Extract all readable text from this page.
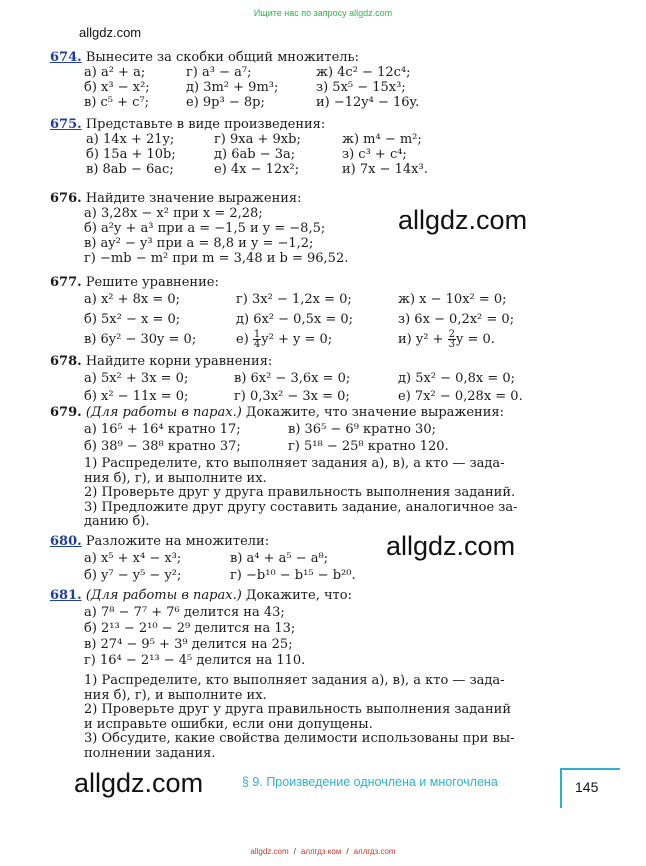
Ищите нас по запросу allgdz.com
allgdz.com
674. Вынесите за скобки общий множитель:
а) a² + a;	г) a³ − a⁷;	ж) 4c² − 12c⁴;
б) x³ − x²;	д) 3m² + 9m³;	з) 5x⁵ − 15x³;
в) c⁵ + c⁷;	е) 9p³ − 8p;	и) −12y⁴ − 16y.
675. Представьте в виде произведения:
а) 14x + 21y;	г) 9xa + 9xb;	ж) m⁴ − m²;
б) 15a + 10b;	д) 6ab − 3a;	з) c³ + c⁴;
в) 8ab − 6ac;	е) 4x − 12x²;	и) 7x − 14x³.
676. Найдите значение выражения:
а) 3,28x − x² при x = 2,28;
б) a²y + a³ при a = −1,5 и y = −8,5;
в) ay² − y³ при a = 8,8 и y = −1,2;
г) −mb − m² при m = 3,48 и b = 96,52.
allgdz.com
677. Решите уравнение:
а) x² + 8x = 0;	г) 3x² − 1,2x = 0;	ж) x − 10x² = 0;
б) 5x² − x = 0;	д) 6x² − 0,5x = 0;	з) 6x − 0,2x² = 0;
в) 6y² − 30y = 0;	$е) \frac{1}{4} y^2 + y = 0$;	и) $y^2 + \frac{2}{3}$ y = 0.
678. Найдите корни уравнения:
а) 5x² + 3x = 0;	в) 6x² − 3,6x = 0;	д) 5x² − 0,8x = 0;
б) x² − 11x = 0;	г) 0,3x² − 3x = 0;	е) 7x² − 0,28x = 0.
679. (Для работы в парах.) Докажите, что значение выражения:
а) 16⁵ + 16⁴ кратно 17;	в) 36⁵ − 6⁹ кратно 30;
б) 38⁹ − 38⁸ кратно 37;	г) 5¹⁸ − 25⁸ кратно 120.
1) Распределите, кто выполняет задания а), в), а кто — зада-
ния б), г), и выполните их.
2) Проверьте друг у друга правильность выполнения заданий.
3) Предложите друг другу составить задание, аналогичное за-
данию б).
680. Разложите на множители:
а) x⁵ + x⁴ − x³;	в) a⁴ + a⁵ − a⁸;
б) y⁷ − y⁵ − y²;	г) −b¹⁰ − b¹⁵ − b²⁰.
allgdz.com
681. (Для работы в парах.) Докажите, что:
а) 7⁸ − 7⁷ + 7⁶ делится на 43;
б) 2¹³ − 2¹⁰ − 2⁹ делится на 13;
в) 27⁴ − 9⁵ + 3⁹ делится на 25;
г) 16⁴ − 2¹³ − 4⁵ делится на 110.
1) Распределите, кто выполняет задания а), в), а кто — зада-
ния б), г), и выполните их.
2) Проверьте друг у друга правильность выполнения заданий
и исправьте ошибки, если они допущены.
3) Обсудите, какие свойства делимости использованы при вы-
полнении задания.
allgdz.com	§ 9. Произведение одночлена и многочлена	145
allgdz.com / аллгдз ком / аллгдз.com
